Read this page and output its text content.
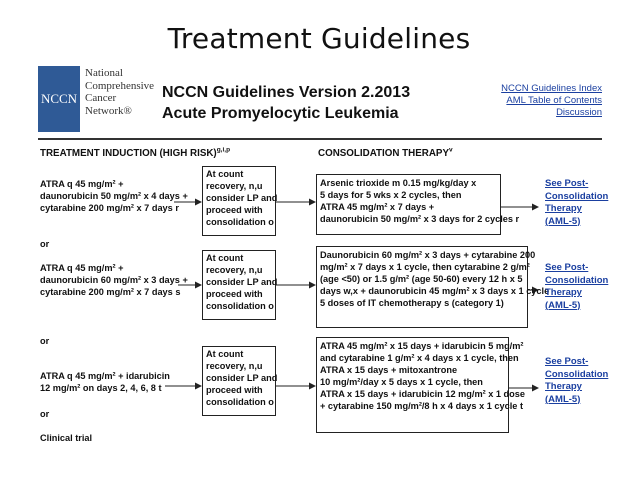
Treatment Guidelines
NCCN
National
Comprehensive
Cancer
Network®
NCCN Guidelines Version 2.2013
Acute Promyelocytic Leukemia
NCCN Guidelines Index
AML Table of Contents
Discussion
TREATMENT INDUCTION (HIGH RISK)$^{g,i,p}$	CONSOLIDATION THERAPY$^v$
ATRA q 45 mg/m² +
daunorubicin 50 mg/m² x 4 days +
cytarabine 200 mg/m² x 7 days r
At count
recovery, n,u
consider LP and
proceed with
consolidation o
Arsenic trioxide m 0.15 mg/kg/day x
5 days for 5 wks x 2 cycles, then
ATRA 45 mg/m² x 7 days +
daunorubicin 50 mg/m² x 3 days for 2 cycles r
See Post-
Consolidation
Therapy
(AML-5)
or
ATRA q 45 mg/m² +
daunorubicin 60 mg/m² x 3 days +
cytarabine 200 mg/m² x 7 days s
At count
recovery, n,u
consider LP and
proceed with
consolidation o
Daunorubicin 60 mg/m² x 3 days + cytarabine 200
mg/m² x 7 days x 1 cycle, then cytarabine 2 g/m²
(age <50) or 1.5 g/m² (age 50-60) every 12 h x 5
days w,x + daunorubicin 45 mg/m² x 3 days x 1 cycle
5 doses of IT chemotherapy s (category 1)
See Post-
Consolidation
Therapy
(AML-5)
or
ATRA q 45 mg/m² + idarubicin
12 mg/m² on days 2, 4, 6, 8 t
At count
recovery, n,u
consider LP and
proceed with
consolidation o
ATRA 45 mg/m² x 15 days + idarubicin 5 mg/m²
and cytarabine 1 g/m² x 4 days x 1 cycle, then
ATRA x 15 days + mitoxantrone
10 mg/m²/day x 5 days x 1 cycle, then
ATRA x 15 days + idarubicin 12 mg/m² x 1 dose
+ cytarabine 150 mg/m²/8 h x 4 days x 1 cycle t
See Post-
Consolidation
Therapy
(AML-5)
or
Clinical trial
